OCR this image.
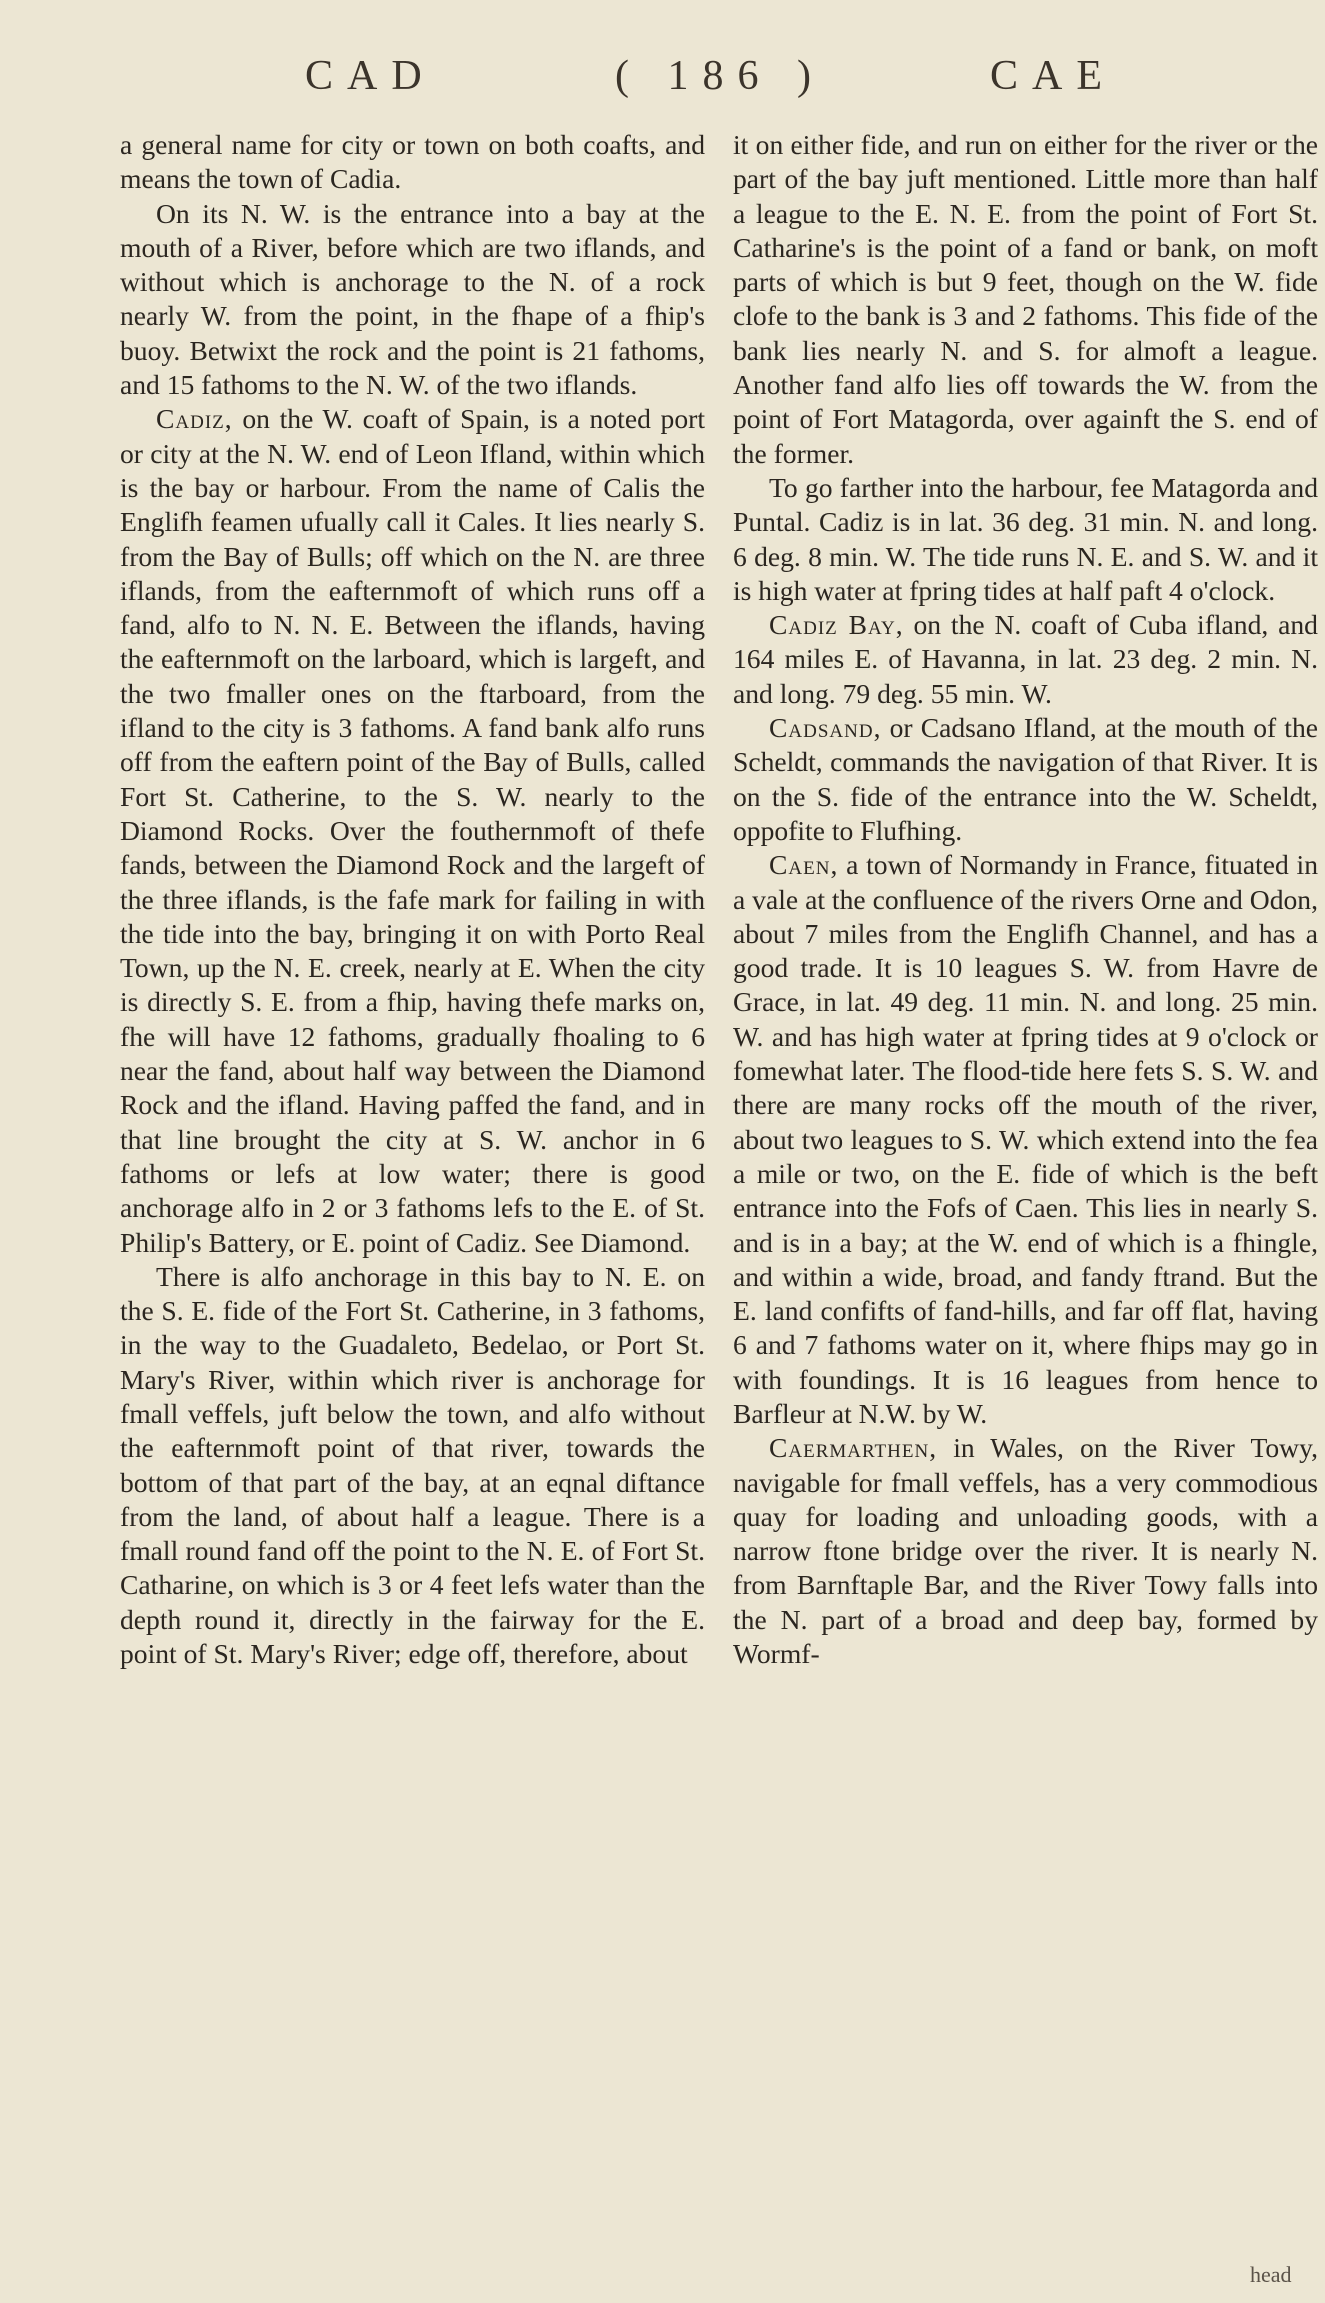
CAD	( 186 )	CAE

a general name for city or town on both coafts, and means the town of Cadia.

On its N. W. is the entrance into a bay at the mouth of a River, before which are two iflands, and without which is anchorage to the N. of a rock nearly W. from the point, in the fhape of a fhip's buoy. Betwixt the rock and the point is 21 fathoms, and 15 fathoms to the N. W. of the two iflands.

Cadiz, on the W. coaft of Spain, is a noted port or city at the N. W. end of Leon Ifland, within which is the bay or harbour. From the name of Calis the Englifh feamen ufually call it Cales. It lies nearly S. from the Bay of Bulls; off which on the N. are three iflands, from the eafternmoft of which runs off a fand, alfo to N. N. E. Between the iflands, having the eafternmoft on the larboard, which is largeft, and the two fmaller ones on the ftarboard, from the ifland to the city is 3 fathoms. A fand bank alfo runs off from the eaftern point of the Bay of Bulls, called Fort St. Catherine, to the S. W. nearly to the Diamond Rocks. Over the fouthernmoft of thefe fands, between the Diamond Rock and the largeft of the three iflands, is the fafe mark for failing in with the tide into the bay, bringing it on with Porto Real Town, up the N. E. creek, nearly at E. When the city is directly S. E. from a fhip, having thefe marks on, fhe will have 12 fathoms, gradually fhoaling to 6 near the fand, about half way between the Diamond Rock and the ifland. Having paffed the fand, and in that line brought the city at S. W. anchor in 6 fathoms or lefs at low water; there is good anchorage alfo in 2 or 3 fathoms lefs to the E. of St. Philip's Battery, or E. point of Cadiz. See Diamond.

There is alfo anchorage in this bay to N. E. on the S. E. fide of the Fort St. Catherine, in 3 fathoms, in the way to the Guadaleto, Bedelao, or Port St. Mary's River, within which river is anchorage for fmall veffels, juft below the town, and alfo without the eafternmoft point of that river, towards the bottom of that part of the bay, at an eqnal diftance from the land, of about half a league. There is a fmall round fand off the point to the N. E. of Fort St. Catharine, on which is 3 or 4 feet lefs water than the depth round it, directly in the fairway for the E. point of St. Mary's River; edge off, therefore, about

it on either fide, and run on either for the river or the part of the bay juft mentioned. Little more than half a league to the E. N. E. from the point of Fort St. Catharine's is the point of a fand or bank, on moft parts of which is but 9 feet, though on the W. fide clofe to the bank is 3 and 2 fathoms. This fide of the bank lies nearly N. and S. for almoft a league. Another fand alfo lies off towards the W. from the point of Fort Matagorda, over againft the S. end of the former.

To go farther into the harbour, fee Matagorda and Puntal. Cadiz is in lat. 36 deg. 31 min. N. and long. 6 deg. 8 min. W. The tide runs N. E. and S. W. and it is high water at fpring tides at half paft 4 o'clock.

Cadiz Bay, on the N. coaft of Cuba ifland, and 164 miles E. of Havanna, in lat. 23 deg. 2 min. N. and long. 79 deg. 55 min. W.

Cadsand, or Cadsano Ifland, at the mouth of the Scheldt, commands the navigation of that River. It is on the S. fide of the entrance into the W. Scheldt, oppofite to Flufhing.

Caen, a town of Normandy in France, fituated in a vale at the confluence of the rivers Orne and Odon, about 7 miles from the Englifh Channel, and has a good trade. It is 10 leagues S. W. from Havre de Grace, in lat. 49 deg. 11 min. N. and long. 25 min. W. and has high water at fpring tides at 9 o'clock or fomewhat later. The flood-tide here fets S. S. W. and there are many rocks off the mouth of the river, about two leagues to S. W. which extend into the fea a mile or two, on the E. fide of which is the beft entrance into the Fofs of Caen. This lies in nearly S. and is in a bay; at the W. end of which is a fhingle, and within a wide, broad, and fandy ftrand. But the E. land confifts of fand-hills, and far off flat, having 6 and 7 fathoms water on it, where fhips may go in with foundings. It is 16 leagues from hence to Barfleur at N.W. by W.

Caermarthen, in Wales, on the River Towy, navigable for fmall veffels, has a very commodious quay for loading and unloading goods, with a narrow ftone bridge over the river. It is nearly N. from Barnftaple Bar, and the River Towy falls into the N. part of a broad and deep bay, formed by Wormf-

head
